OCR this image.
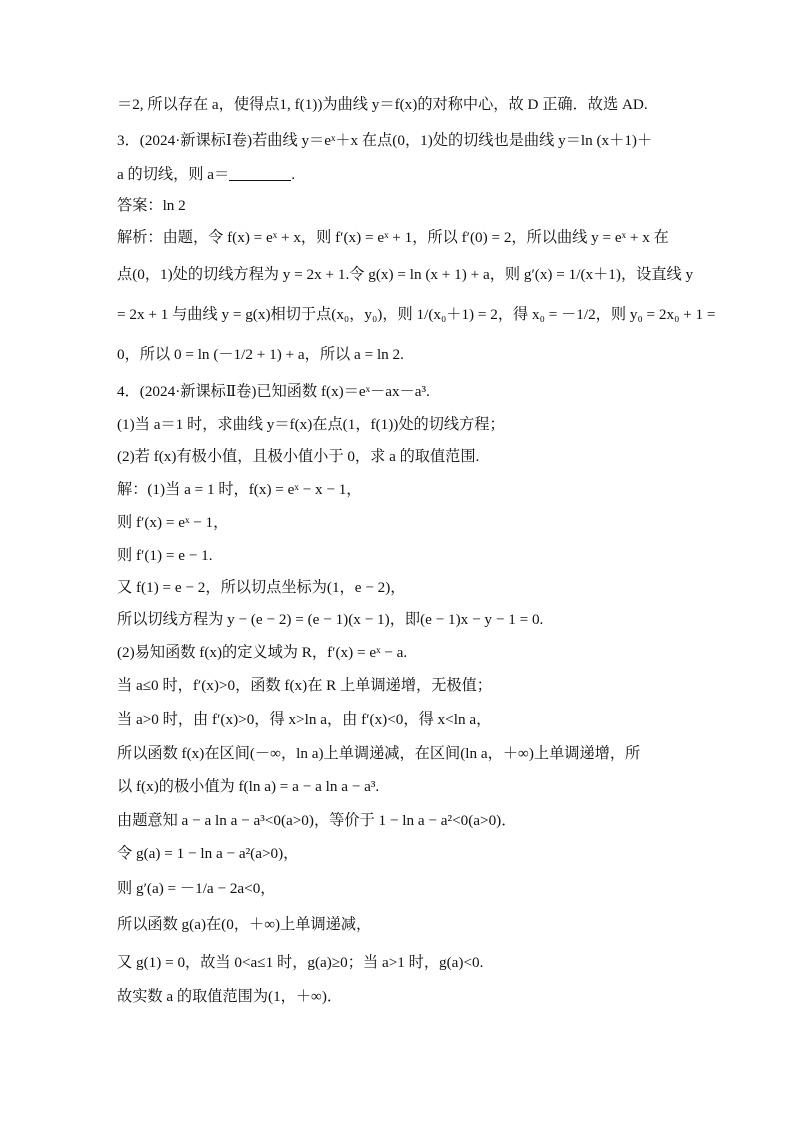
＝2, 所以存在 a，使得点1, f(1))为曲线 y＝f(x)的对称中心，故 D 正确．故选 AD.
3．(2024·新课标Ⅰ卷)若曲线 y＝eˣ＋x 在点(0，1)处的切线也是曲线 y＝ln (x＋1)＋
a 的切线，则 a＝	.
答案：ln 2
解析：由题，令 f(x) = eˣ + x，则 f′(x) = eˣ + 1，所以 f′(0) = 2，所以曲线 y = eˣ + x 在
点(0，1)处的切线方程为 y = 2x + 1.令 g(x) = ln (x + 1) + a，则 g′(x) = 1/(x＋1)，设直线 y
= 2x + 1 与曲线 y = g(x)相切于点(x₀，y₀)，则 1/(x₀＋1) = 2，得 x₀ = －1/2，则 y₀ = 2x₀ + 1 =
0，所以 0 = ln (－1/2 + 1) + a，所以 a = ln 2.
4．(2024·新课标Ⅱ卷)已知函数 f(x)＝eˣ－ax－a³.
(1)当 a＝1 时，求曲线 y＝f(x)在点(1，f(1))处的切线方程；
(2)若 f(x)有极小值，且极小值小于 0，求 a 的取值范围.
解：(1)当 a = 1 时，f(x) = eˣ − x − 1，
则 f′(x) = eˣ − 1，
则 f′(1) = e − 1.
又 f(1) = e − 2，所以切点坐标为(1，e − 2)，
所以切线方程为 y − (e − 2) = (e − 1)(x − 1)，即(e − 1)x − y − 1 = 0.
(2)易知函数 f(x)的定义域为 R，f′(x) = eˣ − a.
当 a≤0 时，f′(x)>0，函数 f(x)在 R 上单调递增，无极值；
当 a>0 时，由 f′(x)>0，得 x>ln a，由 f′(x)<0，得 x<ln a，
所以函数 f(x)在区间(－∞，ln a)上单调递减，在区间(ln a，＋∞)上单调递增，所
以 f(x)的极小值为 f(ln a) = a − a ln a − a³.
由题意知 a − a ln a − a³<0(a>0)，等价于 1 − ln a − a²<0(a>0)．
令 g(a) = 1 − ln a − a²(a>0)，
则 g′(a) = －1/a − 2a<0，
所以函数 g(a)在(0，＋∞)上单调递减，
又 g(1) = 0，故当 0<a≤1 时，g(a)≥0；当 a>1 时，g(a)<0.
故实数 a 的取值范围为(1，＋∞)．
